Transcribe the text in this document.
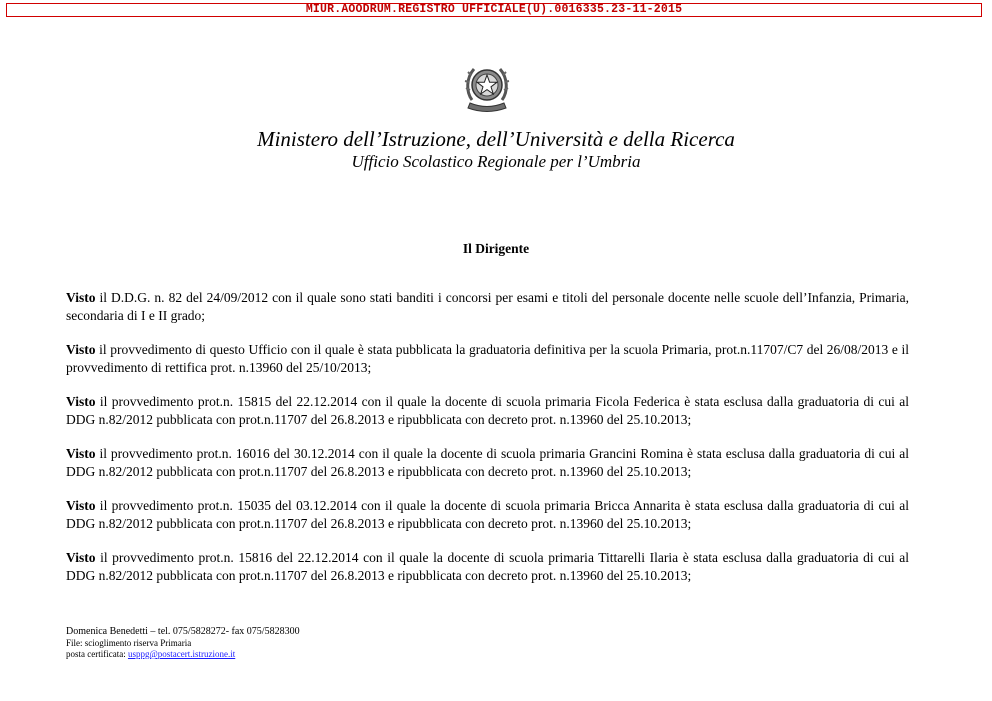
MIUR.AOODRUM.REGISTRO UFFICIALE(U).0016335.23-11-2015
Ministero dell’Istruzione, dell’Università e della Ricerca
Ufficio Scolastico Regionale per l’Umbria
Il Dirigente

Visto il D.D.G. n. 82 del 24/09/2012 con il quale sono stati banditi i concorsi per esami e titoli del personale docente nelle scuole dell’Infanzia, Primaria, secondaria di I e II grado;

Visto il provvedimento di questo Ufficio con il quale è stata pubblicata la graduatoria definitiva per la scuola Primaria, prot.n.11707/C7 del 26/08/2013 e il provvedimento di rettifica prot. n.13960 del 25/10/2013;

Visto il provvedimento prot.n. 15815 del 22.12.2014 con il quale la docente di scuola primaria Ficola Federica è stata esclusa dalla graduatoria di cui al DDG n.82/2012 pubblicata con prot.n.11707 del 26.8.2013 e ripubblicata con decreto prot. n.13960 del 25.10.2013;

Visto il provvedimento prot.n. 16016 del 30.12.2014 con il quale la docente di scuola primaria Grancini Romina è stata esclusa dalla graduatoria di cui al DDG n.82/2012 pubblicata con prot.n.11707 del 26.8.2013 e ripubblicata con decreto prot. n.13960 del 25.10.2013;

Visto il provvedimento prot.n. 15035 del 03.12.2014 con il quale la docente di scuola primaria Bricca Annarita è stata esclusa dalla graduatoria di cui al DDG n.82/2012 pubblicata con prot.n.11707 del 26.8.2013 e ripubblicata con decreto prot. n.13960 del 25.10.2013;

Visto il provvedimento prot.n. 15816 del 22.12.2014 con il quale la docente di scuola primaria Tittarelli Ilaria è stata esclusa dalla graduatoria di cui al DDG n.82/2012 pubblicata con prot.n.11707 del 26.8.2013 e ripubblicata con decreto prot. n.13960 del 25.10.2013;

Domenica Benedetti – tel. 075/5828272- fax 075/5828300
File: scioglimento riserva Primaria
posta certificata: usppg@postacert.istruzione.it
